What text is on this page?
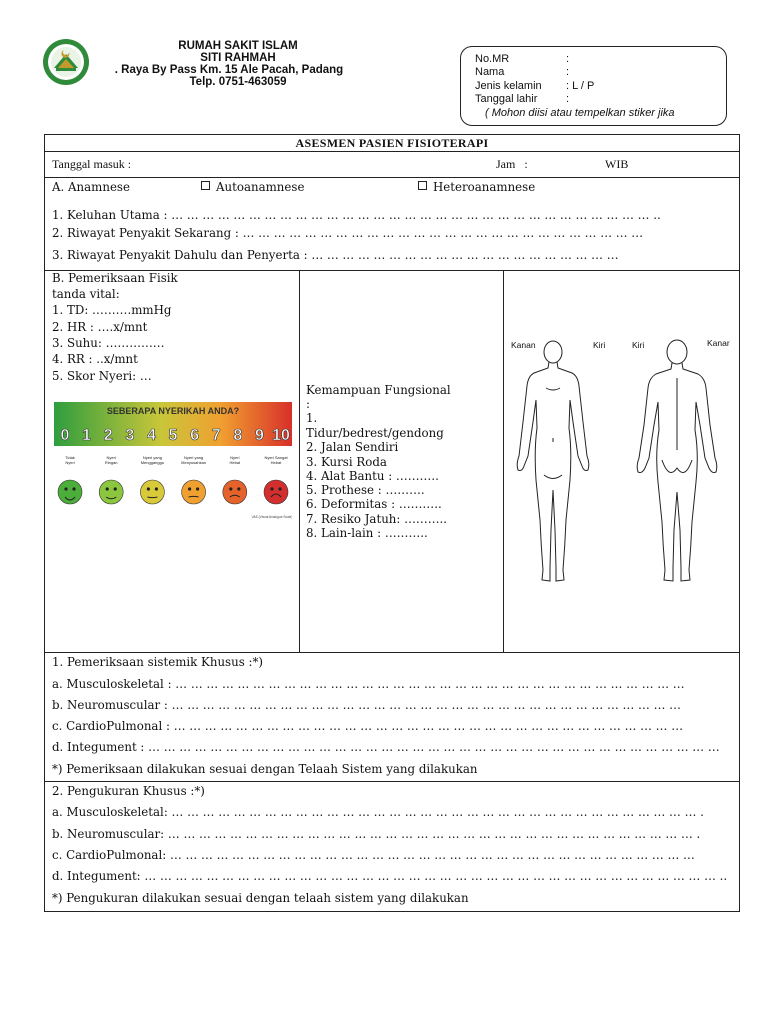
RUMAH SAKIT ISLAM
SITI RAHMAH
. Raya By Pass Km. 15 Ale Pacah, Padang
Telp. 0751-463059
No.MR	:
Nama	:
Jenis kelamin : L / P
Tanggal lahir	:
( Mohon diisi atau tempelkan stiker jika
ASESMEN PASIEN FISIOTERAPI
Tanggal masuk :	Jam   :	WIB
A. Anamnese	Autoanamnese	Heteroanamnese
1. Keluhan Utama : … … … … … … … … … … … … … … … … … … … … … … … … … … … … … … … ..
2. Riwayat Penyakit Sekarang : … … … … … … … … … … … … … … … … … … … … … … … … … …
3. Riwayat Penyakit Dahulu dan Penyerta : … … … … … … … … … … … … … … … … … … … …
B. Pemeriksaan Fisik
tanda vital:
1. TD: ……….mmHg
2. HR : ….x/mnt
3. Suhu: ……………
4. RR : ..x/mnt
5. Skor Nyeri: …
SEBERAPA NYERIKAH ANDA?
0 1 2 3 4 5 6 7 8 9 10
Tidak
Nyeri
Nyeri
Ringan
Nyeri yang
Mengganggu
Nyeri yang
Menyusahkan
Nyeri
Hebat
Nyeri Sangat
Hebat
VAS (Visual Analogue Scale)
Kemampuan Fungsional
:
1.
Tidur/bedrest/gendong
2. Jalan Sendiri
3. Kursi Roda
4. Alat Bantu : ………..
5. Prothese : ……….
6. Deformitas : ………..
7. Resiko Jatuh: ………..
8. Lain-lain : ………..
Kanan	Kiri	Kiri	Kanar
1. Pemeriksaan sistemik Khusus :*)
a. Musculoskeletal : … … … … … … … … … … … … … … … … … … … … … … … … … … … … … … … … …
b. Neuromuscular : … … … … … … … … … … … … … … … … … … … … … … … … … … … … … … … … …
c. CardioPulmonal : … … … … … … … … … … … … … … … … … … … … … … … … … … … … … … … … …
d. Integument : … … … … … … … … … … … … … … … … … … … … … … … … … … … … … … … … … … … … …
*) Pemeriksaan dilakukan sesuai dengan Telaah Sistem yang dilakukan
2. Pengukuran Khusus :*)
a. Musculoskeletal: … … … … … … … … … … … … … … … … … … … … … … … … … … … … … … … … … … .
b. Neuromuscular: … … … … … … … … … … … … … … … … … … … … … … … … … … … … … … … … … … .
c. CardioPulmonal: … … … … … … … … … … … … … … … … … … … … … … … … … … … … … … … … … …
d. Integument: … … … … … … … … … … … … … … … … … … … … … … … … … … … … … … … … … … … … … ..
*) Pengukuran dilakukan sesuai dengan telaah sistem yang dilakukan
